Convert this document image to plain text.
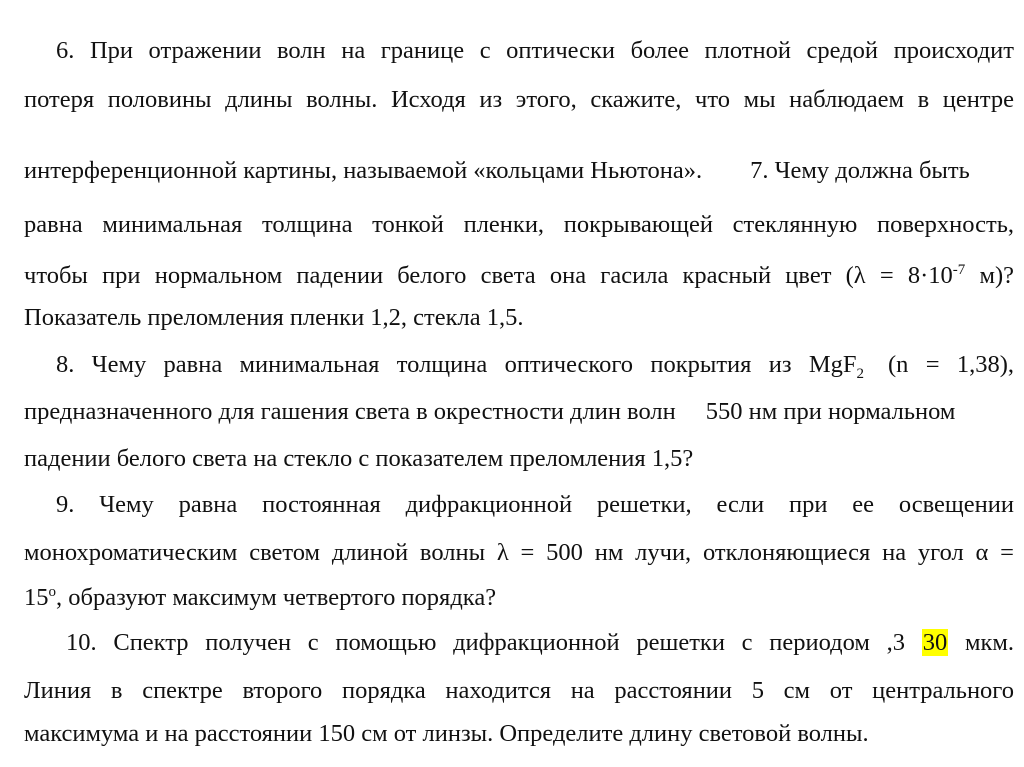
6. При отражении волн на границе с оптически более плотной средой происходит
потеря половины длины волны. Исходя из этого, скажите, что мы наблюдаем в центре
интерференционной картины, называемой «кольцами Ньютона». 7. Чему должна быть
равна минимальная толщина тонкой пленки, покрывающей стеклянную поверхность,
чтобы при нормальном падении белого света она гасила красный цвет ($\lambda = 8\cdot 10^{-7}$ м)?
Показатель преломления пленки 1,2, стекла 1,5.
8. Чему равна минимальная толщина оптического покрытия из MgF$_2$ (n = 1,38),
предназначенного для гашения света в окрестности длин волн 550 нм при нормальном
падении белого света на стекло с показателем преломления 1,5?
9. Чему равна постоянная дифракционной решетки, если при ее освещении
монохроматическим светом длиной волны λ = 500 нм лучи, отклоняющиеся на угол α =
$15^o$, образуют максимум четвертого порядка?
10. Спектр получен с помощью дифракционной решетки с периодом ,3 30 мкм.
Линия в спектре второго порядка находится на расстоянии 5 см от центрального
максимума и на расстоянии 150 см от линзы. Определите длину световой волны.
